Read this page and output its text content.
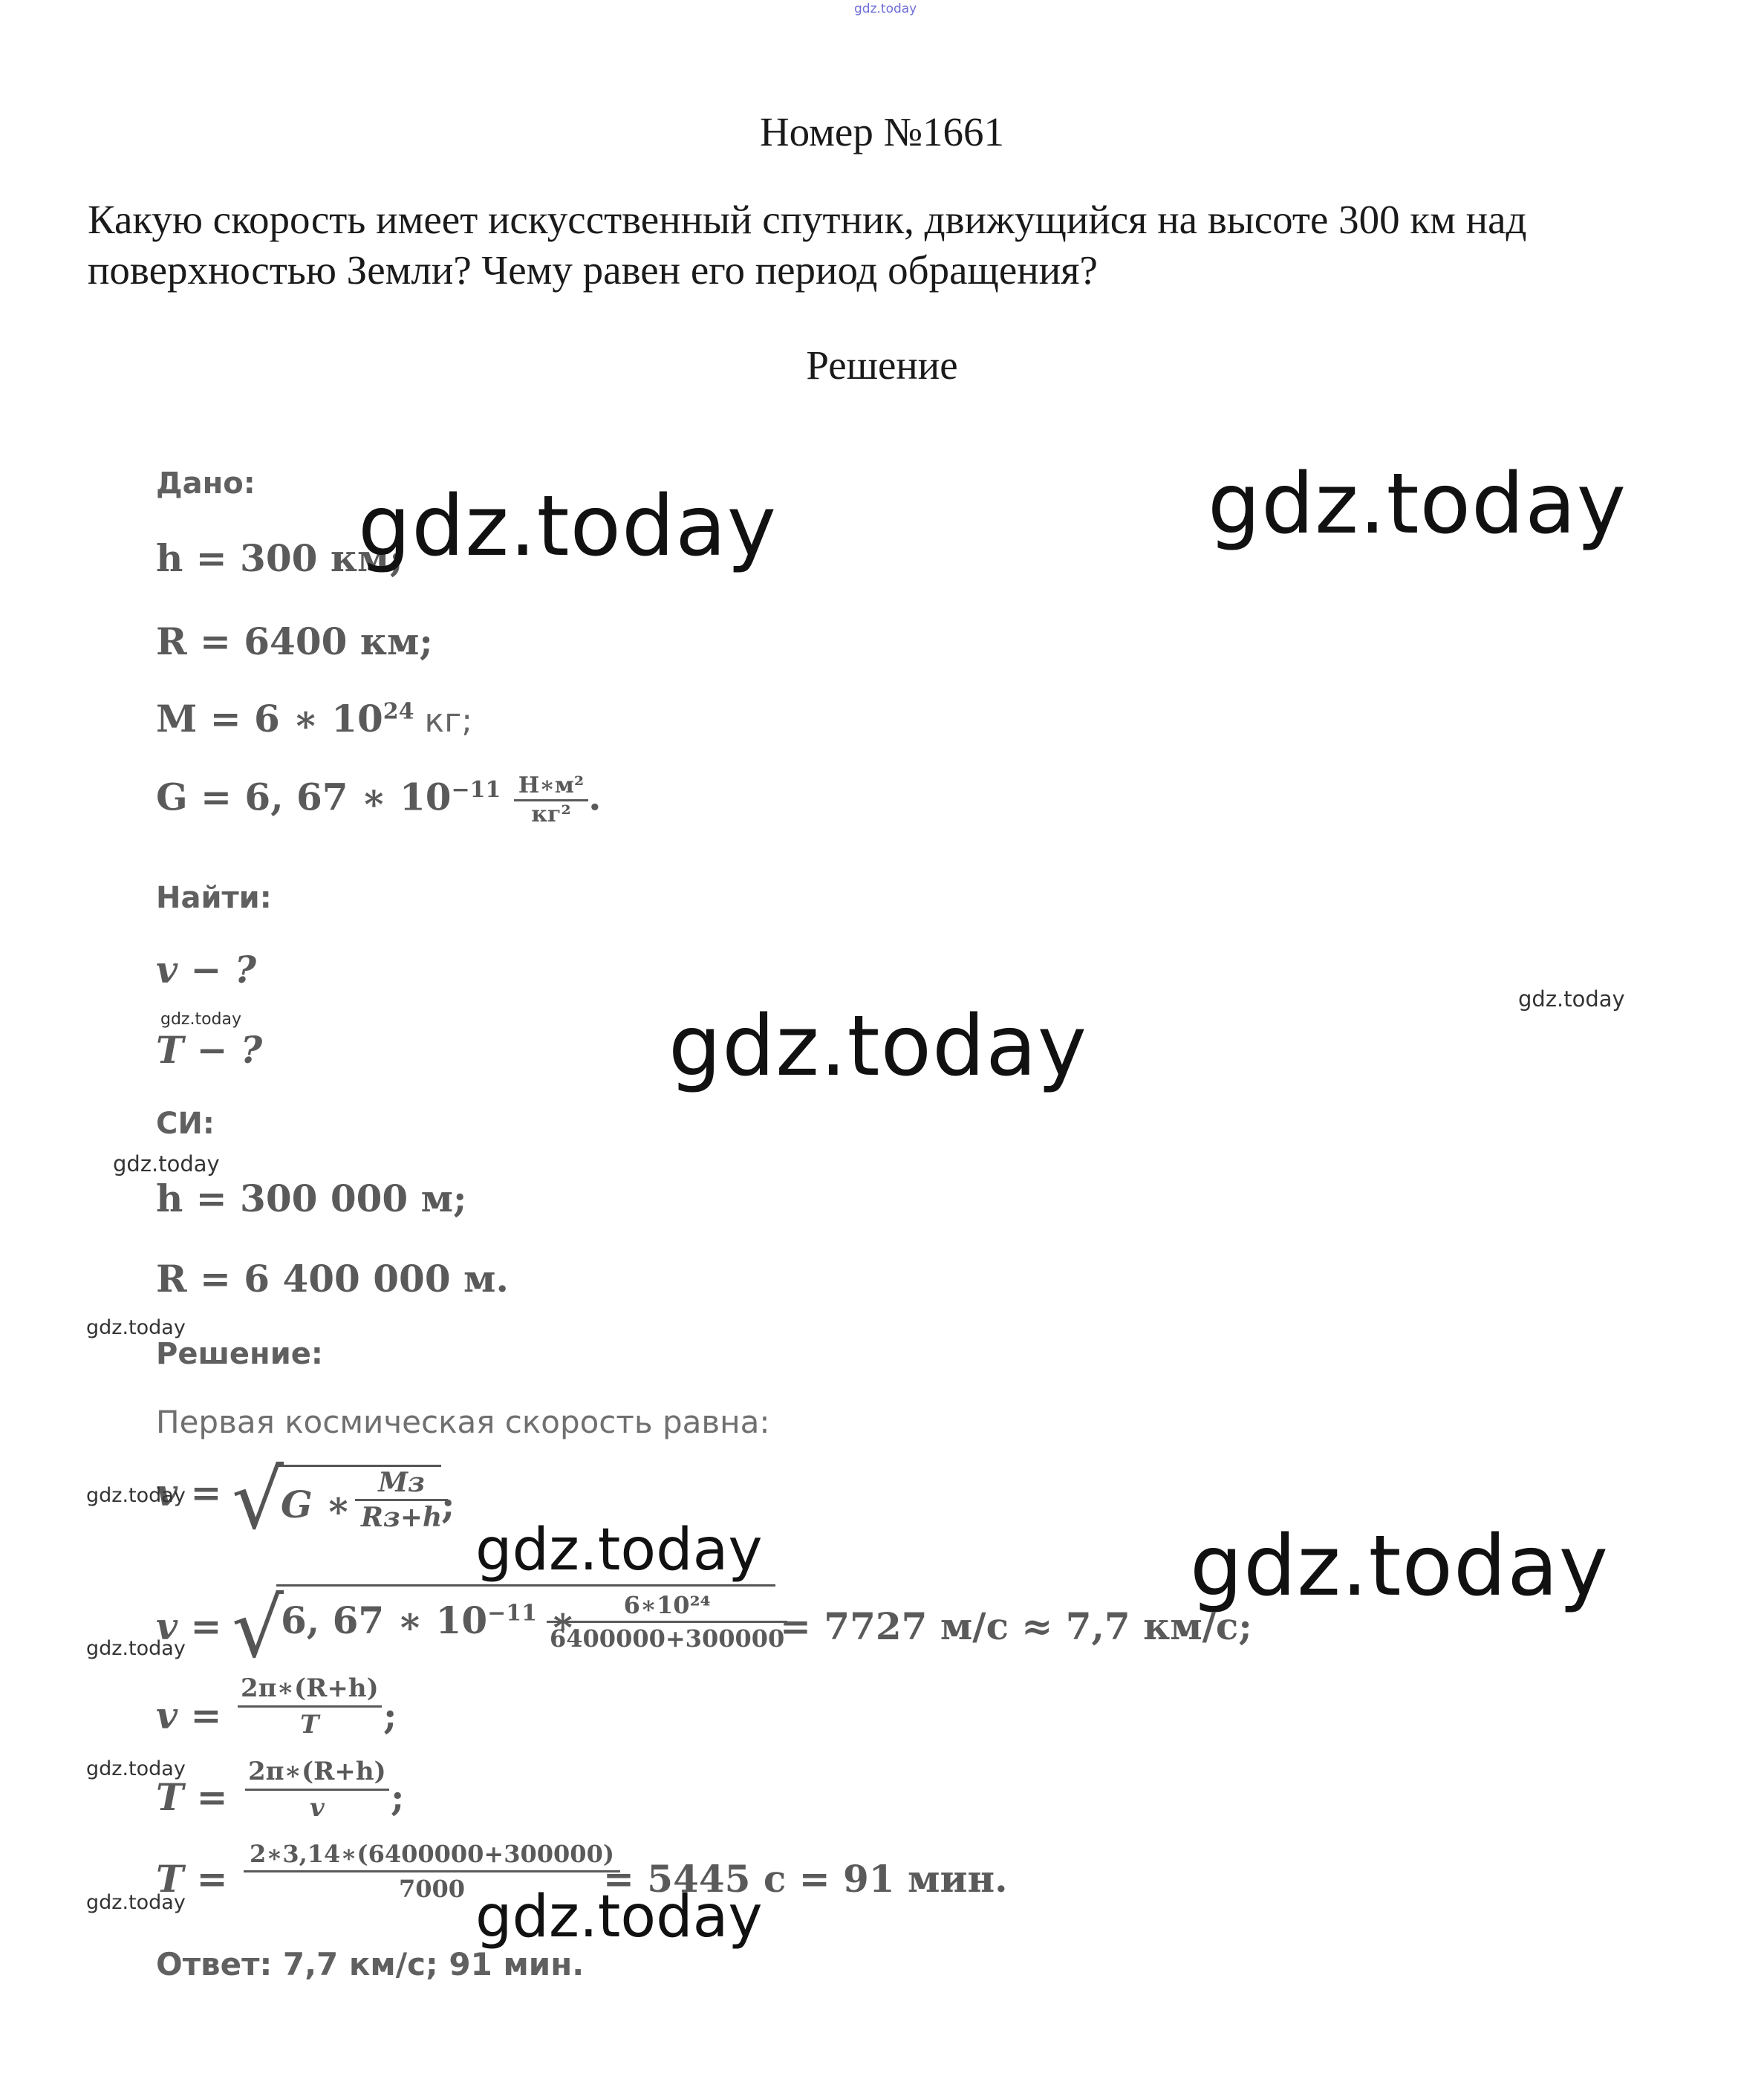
gdz.today
Номер №1661
Какую скорость имеет искусственный спутник, движущийся на высоте 300 км над поверхностью Земли? Чему равен его период обращения?
Решение
Дано:
h = 300 км;
R = 6400 км;
M = 6 ∗ $10^{24}$ кг;
G = 6, 67 ∗ $10^{-11} \frac{\text{Н∗м²}}{\text{кг²}}$ .
Найти:
v − ?
T − ?
СИ:
h = 300 000 м;
R = 6 400 000 м.
Решение:
Первая космическая скорость равна:
v = √
G ∗	Mз
Rз+h
;
v = √
6, 67 ∗ $10^{-11}$ ∗
$\frac{\text{6∗10²⁴}}{6400000+300000}$
= 7727 м/с ≈ 7,7 км/с;
$v = \frac{2\pi∗(R+h)}{T}$ ;
$T = \frac{2\pi∗(R+h)}{v}$ ;
$T = \frac{2∗3,14∗(6400000+300000)}{7000}$
= 5445 с = 91 мин.
Ответ: 7,7 км/с; 91 мин.
gdz.today	gdz.today
gdz.today
gdz.today
gdz.today
gdz.today
gdz.today
gdz.today
gdz.today
gdz.today
gdz.today
gdz.today
gdz.today
gdz.today
